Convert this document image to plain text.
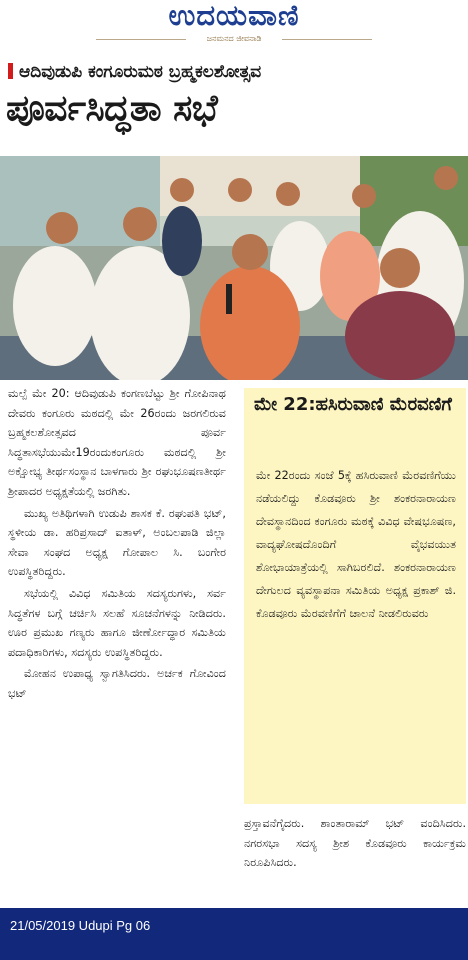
ಉದಯವಾಣಿ
ಜನಮನದ ಜೀವನಾಡಿ
ಆದಿವುಡುಪಿ ಕಂಗೂರುಮಠ ಬ್ರಹ್ಮಕಲಶೋತ್ಸವ
ಪೂರ್ವಸಿದ್ಧತಾ ಸಭೆ

ಮಲ್ಪೆ ಮೇ 20: ಆದಿವುಡುಪಿ ಕಂಗಣಬೆಟ್ಟು ಶ್ರೀ ಗೋಪಿನಾಥ ದೇವರು ಕಂಗೂರು ಮಠದಲ್ಲಿ ಮೇ 26ರಂದು ಜರಗಲಿರುವ ಬ್ರಹ್ಮಕಲಶೋತ್ಸವದ ಪೂರ್ವ ಸಿದ್ಧತಾಸಭೆಯುಮೇ19ರಂದುಕಂಗೂರು ಮಠದಲ್ಲಿ ಶ್ರೀ ಅಕ್ಷೋಭ್ಯ ತೀರ್ಥಸಂಸ್ಥಾನ ಬಾಳಗಾರು ಶ್ರೀ ರಘುಭೂಷಣತೀರ್ಥ ಶ್ರೀಪಾದರ ಅಧ್ಯಕ್ಷತೆಯಲ್ಲಿ ಜರಗಿತು.

ಮುಖ್ಯ ಅತಿಥಿಗಳಾಗಿ ಉಡುಪಿ ಶಾಸಕ ಕೆ. ರಘುಪತಿ ಭಟ್, ಸ್ಥಳೀಯ ಡಾ. ಹರಿಪ್ರಸಾದ್ ಐತಾಳ್, ಅಂಬಲಪಾಡಿ ಜಿಲ್ಲಾ ಸೇವಾ ಸಂಘದ ಅಧ್ಯಕ್ಷ ಗೋಪಾಲ ಸಿ. ಬಂಗೇರ ಉಪಸ್ಥಿತರಿದ್ದರು.

ಸಭೆಯಲ್ಲಿ ವಿವಿಧ ಸಮಿತಿಯ ಸದಸ್ಯರುಗಳು, ಸರ್ವ ಸಿದ್ಧತೆಗಳ ಬಗ್ಗೆ ಚರ್ಚಿಸಿ ಸಲಹೆ ಸೂಚನೆಗಳನ್ನು ನೀಡಿದರು. ಊರ ಪ್ರಮುಖ ಗಣ್ಯರು ಹಾಗೂ ಜೀರ್ಣೋದ್ಧಾರ ಸಮಿತಿಯ ಪದಾಧಿಕಾರಿಗಳು, ಸದಸ್ಯರು ಉಪಸ್ಥಿತರಿದ್ದರು.

ಮೋಹನ ಉಪಾಧ್ಯ ಸ್ವಾಗತಿಸಿದರು. ಅರ್ಚಕ ಗೋವಿಂದ ಭಟ್

ಮೇ 22:ಹಸಿರುವಾಣಿ ಮೆರವಣಿಗೆ
ಮೇ 22ರಂದು ಸಂಜೆ 5ಕ್ಕೆ ಹಸಿರುವಾಣಿ ಮೆರವಣಿಗೆಯು ನಡೆಯಲಿದ್ದು ಕೊಡವೂರು ಶ್ರೀ ಶಂಕರನಾರಾಯಣ ದೇವಸ್ಥಾನದಿಂದ ಕಂಗೂರು ಮಠಕ್ಕೆ ವಿವಿಧ ವೇಷಭೂಷಣ, ವಾದ್ಯಘೋಷದೊಂದಿಗೆ ವೈಭವಯುತ ಶೋಭಾಯಾತ್ರೆಯಲ್ಲಿ ಸಾಗಿಬರಲಿದೆ. ಶಂಕರನಾರಾಯಣ ದೇಗುಲದ ವ್ಯವಸ್ಥಾಪನಾ ಸಮಿತಿಯ ಅಧ್ಯಕ್ಷ ಪ್ರಕಾಶ್ ಜಿ. ಕೊಡವೂರು ಮೆರವಣಿಗೆಗೆ ಚಾಲನೆ ನೀಡಲಿರುವರು
ಪ್ರಸ್ತಾವನೆಗೈದರು. ಶಾಂತಾರಾಮ್ ಭಟ್ ವಂದಿಸಿದರು. ನಗರಸಭಾ ಸದಸ್ಯ ಶ್ರೀಶ ಕೊಡವೂರು ಕಾರ್ಯಕ್ರಮ ನಿರೂಪಿಸಿದರು.
21/05/2019 Udupi Pg 06
